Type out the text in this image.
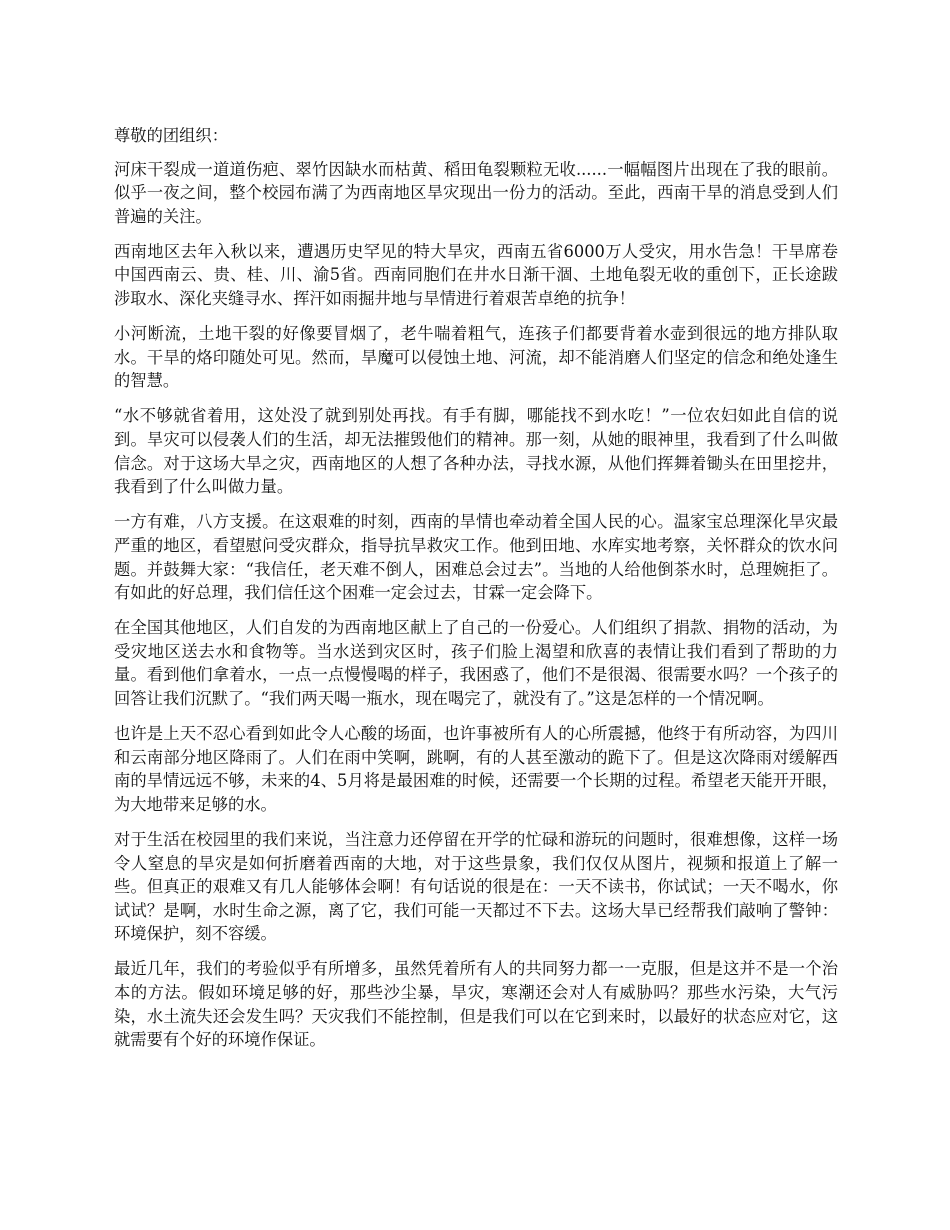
尊敬的团组织：

河床干裂成一道道伤疤、翠竹因缺水而枯黄、稻田龟裂颗粒无收......一幅幅图片出现在了我的眼前。似乎一夜之间，整个校园布满了为西南地区旱灾现出一份力的活动。至此，西南干旱的消息受到人们普遍的关注。

西南地区去年入秋以来，遭遇历史罕见的特大旱灾，西南五省6000万人受灾，用水告急！干旱席卷中国西南云、贵、桂、川、渝5省。西南同胞们在井水日渐干涸、土地龟裂无收的重创下，正长途跋涉取水、深化夹缝寻水、挥汗如雨掘井地与旱情进行着艰苦卓绝的抗争！

小河断流，土地干裂的好像要冒烟了，老牛喘着粗气，连孩子们都要背着水壶到很远的地方排队取水。干旱的烙印随处可见。然而，旱魔可以侵蚀土地、河流，却不能消磨人们坚定的信念和绝处逢生的智慧。

“水不够就省着用，这处没了就到别处再找。有手有脚，哪能找不到水吃！”一位农妇如此自信的说到。旱灾可以侵袭人们的生活，却无法摧毁他们的精神。那一刻，从她的眼神里，我看到了什么叫做信念。对于这场大旱之灾，西南地区的人想了各种办法，寻找水源，从他们挥舞着锄头在田里挖井，我看到了什么叫做力量。

一方有难，八方支援。在这艰难的时刻，西南的旱情也牵动着全国人民的心。温家宝总理深化旱灾最严重的地区，看望慰问受灾群众，指导抗旱救灾工作。他到田地、水库实地考察，关怀群众的饮水问题。并鼓舞大家：“我信任，老天难不倒人，困难总会过去”。当地的人给他倒茶水时，总理婉拒了。有如此的好总理，我们信任这个困难一定会过去，甘霖一定会降下。

在全国其他地区，人们自发的为西南地区献上了自己的一份爱心。人们组织了捐款、捐物的活动，为受灾地区送去水和食物等。当水送到灾区时，孩子们脸上渴望和欣喜的表情让我们看到了帮助的力量。看到他们拿着水，一点一点慢慢喝的样子，我困惑了，他们不是很渴、很需要水吗？一个孩子的回答让我们沉默了。“我们两天喝一瓶水，现在喝完了，就没有了。”这是怎样的一个情况啊。

也许是上天不忍心看到如此令人心酸的场面，也许事被所有人的心所震撼，他终于有所动容，为四川和云南部分地区降雨了。人们在雨中笑啊，跳啊，有的人甚至激动的跪下了。但是这次降雨对缓解西南的旱情远远不够，未来的4、5月将是最困难的时候，还需要一个长期的过程。希望老天能开开眼，为大地带来足够的水。

对于生活在校园里的我们来说，当注意力还停留在开学的忙碌和游玩的问题时，很难想像，这样一场令人窒息的旱灾是如何折磨着西南的大地，对于这些景象，我们仅仅从图片，视频和报道上了解一些。但真正的艰难又有几人能够体会啊！有句话说的很是在：一天不读书，你试试；一天不喝水，你试试？是啊，水时生命之源，离了它，我们可能一天都过不下去。这场大旱已经帮我们敲响了警钟：环境保护，刻不容缓。

最近几年，我们的考验似乎有所增多，虽然凭着所有人的共同努力都一一克服，但是这并不是一个治本的方法。假如环境足够的好，那些沙尘暴，旱灾，寒潮还会对人有威胁吗？那些水污染，大气污染，水土流失还会发生吗？天灾我们不能控制，但是我们可以在它到来时，以最好的状态应对它，这就需要有个好的环境作保证。
